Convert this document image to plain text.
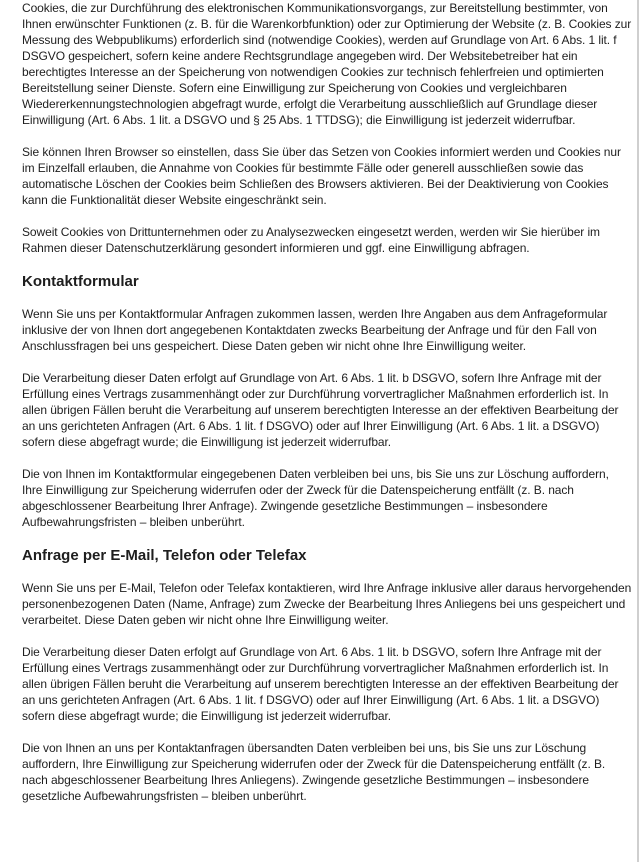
Cookies, die zur Durchführung des elektronischen Kommunikationsvorgangs, zur Bereitstellung bestimmter, von Ihnen erwünschter Funktionen (z. B. für die Warenkorbfunktion) oder zur Optimierung der Website (z. B. Cookies zur Messung des Webpublikums) erforderlich sind (notwendige Cookies), werden auf Grundlage von Art. 6 Abs. 1 lit. f DSGVO gespeichert, sofern keine andere Rechtsgrundlage angegeben wird. Der Websitebetreiber hat ein berechtigtes Interesse an der Speicherung von notwendigen Cookies zur technisch fehlerfreien und optimierten Bereitstellung seiner Dienste. Sofern eine Einwilligung zur Speicherung von Cookies und vergleichbaren Wiedererkennungstechnologien abgefragt wurde, erfolgt die Verarbeitung ausschließlich auf Grundlage dieser Einwilligung (Art. 6 Abs. 1 lit. a DSGVO und § 25 Abs. 1 TTDSG); die Einwilligung ist jederzeit widerrufbar.

Sie können Ihren Browser so einstellen, dass Sie über das Setzen von Cookies informiert werden und Cookies nur im Einzelfall erlauben, die Annahme von Cookies für bestimmte Fälle oder generell ausschließen sowie das automatische Löschen der Cookies beim Schließen des Browsers aktivieren. Bei der Deaktivierung von Cookies kann die Funktionalität dieser Website eingeschränkt sein.

Soweit Cookies von Drittunternehmen oder zu Analysezwecken eingesetzt werden, werden wir Sie hierüber im Rahmen dieser Datenschutzerklärung gesondert informieren und ggf. eine Einwilligung abfragen.

Kontaktformular

Wenn Sie uns per Kontaktformular Anfragen zukommen lassen, werden Ihre Angaben aus dem Anfrageformular inklusive der von Ihnen dort angegebenen Kontaktdaten zwecks Bearbeitung der Anfrage und für den Fall von Anschlussfragen bei uns gespeichert. Diese Daten geben wir nicht ohne Ihre Einwilligung weiter.

Die Verarbeitung dieser Daten erfolgt auf Grundlage von Art. 6 Abs. 1 lit. b DSGVO, sofern Ihre Anfrage mit der Erfüllung eines Vertrags zusammenhängt oder zur Durchführung vorvertraglicher Maßnahmen erforderlich ist. In allen übrigen Fällen beruht die Verarbeitung auf unserem berechtigten Interesse an der effektiven Bearbeitung der an uns gerichteten Anfragen (Art. 6 Abs. 1 lit. f DSGVO) oder auf Ihrer Einwilligung (Art. 6 Abs. 1 lit. a DSGVO) sofern diese abgefragt wurde; die Einwilligung ist jederzeit widerrufbar.

Die von Ihnen im Kontaktformular eingegebenen Daten verbleiben bei uns, bis Sie uns zur Löschung auffordern, Ihre Einwilligung zur Speicherung widerrufen oder der Zweck für die Datenspeicherung entfällt (z. B. nach abgeschlossener Bearbeitung Ihrer Anfrage). Zwingende gesetzliche Bestimmungen – insbesondere Aufbewahrungsfristen – bleiben unberührt.

Anfrage per E-Mail, Telefon oder Telefax

Wenn Sie uns per E-Mail, Telefon oder Telefax kontaktieren, wird Ihre Anfrage inklusive aller daraus hervorgehenden personenbezogenen Daten (Name, Anfrage) zum Zwecke der Bearbeitung Ihres Anliegens bei uns gespeichert und verarbeitet. Diese Daten geben wir nicht ohne Ihre Einwilligung weiter.

Die Verarbeitung dieser Daten erfolgt auf Grundlage von Art. 6 Abs. 1 lit. b DSGVO, sofern Ihre Anfrage mit der Erfüllung eines Vertrags zusammenhängt oder zur Durchführung vorvertraglicher Maßnahmen erforderlich ist. In allen übrigen Fällen beruht die Verarbeitung auf unserem berechtigten Interesse an der effektiven Bearbeitung der an uns gerichteten Anfragen (Art. 6 Abs. 1 lit. f DSGVO) oder auf Ihrer Einwilligung (Art. 6 Abs. 1 lit. a DSGVO) sofern diese abgefragt wurde; die Einwilligung ist jederzeit widerrufbar.

Die von Ihnen an uns per Kontaktanfragen übersandten Daten verbleiben bei uns, bis Sie uns zur Löschung auffordern, Ihre Einwilligung zur Speicherung widerrufen oder der Zweck für die Datenspeicherung entfällt (z. B. nach abgeschlossener Bearbeitung Ihres Anliegens). Zwingende gesetzliche Bestimmungen – insbesondere gesetzliche Aufbewahrungsfristen – bleiben unberührt.
